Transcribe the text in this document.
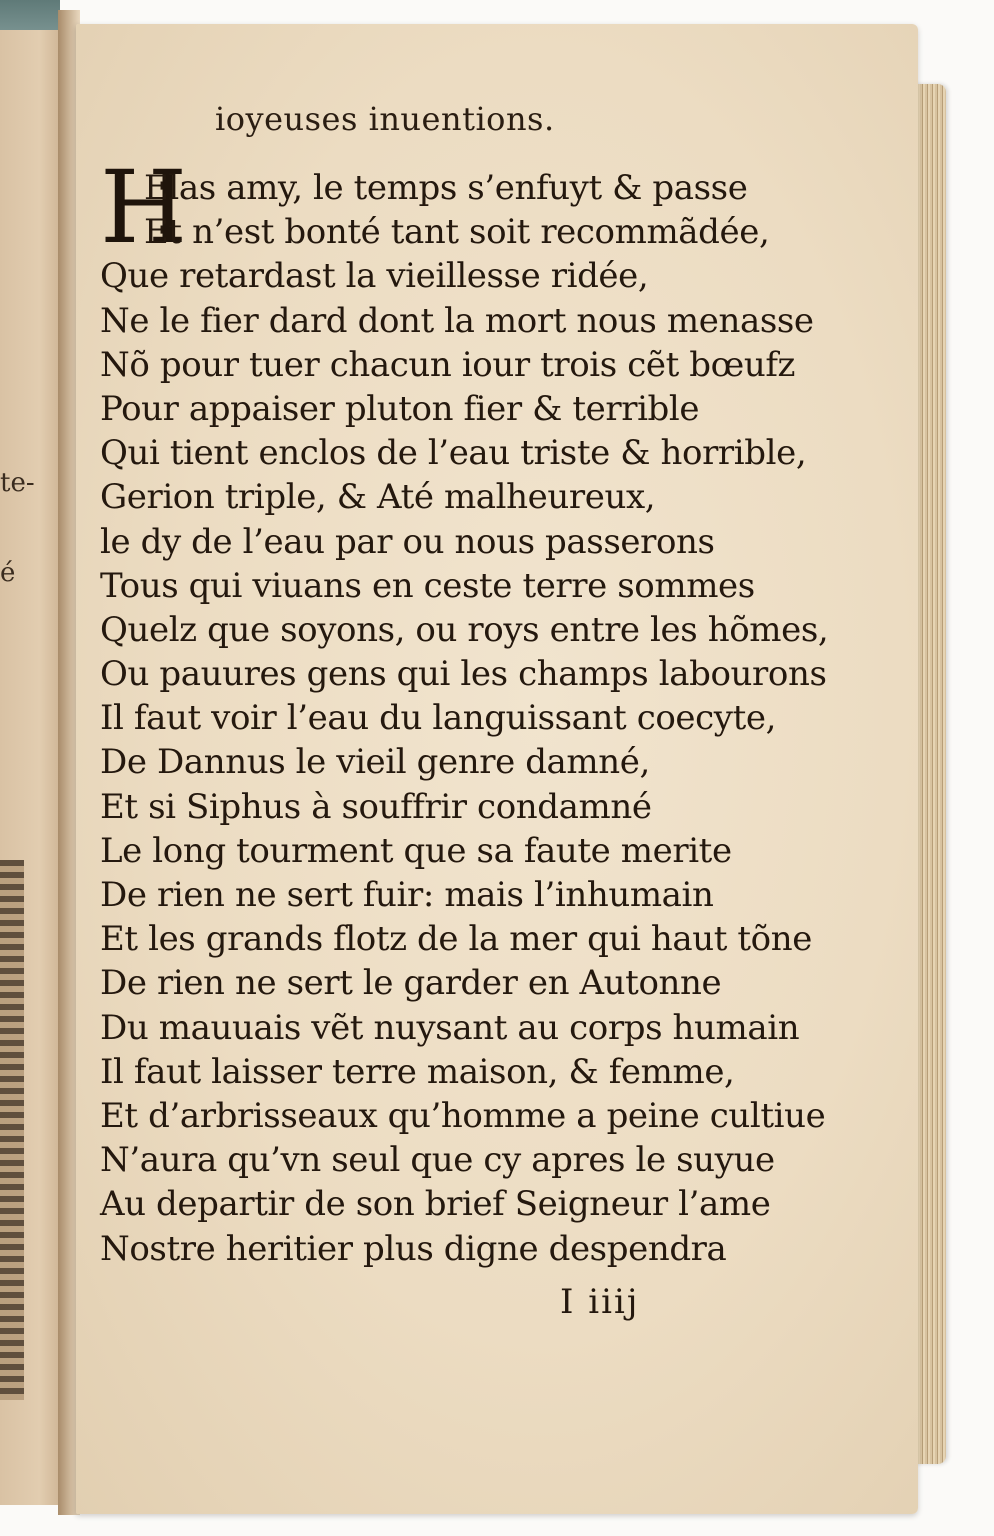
te-
é
ioyeuses inuentions.
H
Elas amy, le temps s’enfuyt & passe
Et n’est bonté tant soit recommãdée,
Que retardast la vieillesse ridée,
Ne le fier dard dont la mort nous menasse
Nõ pour tuer chacun iour trois cẽt bœufz
Pour appaiser pluton fier & terrible
Qui tient enclos de l’eau triste & horrible,
Gerion triple, & Até malheureux,
le dy de l’eau par ou nous passerons
Tous qui viuans en ceste terre sommes
Quelz que soyons, ou roys entre les hõmes,
Ou pauures gens qui les champs labourons
Il faut voir l’eau du languissant coecyte,
De Dannus le vieil genre damné,
Et si Siphus à souffrir condamné
Le long tourment que sa faute merite
De rien ne sert fuir: mais l’inhumain
Et les grands flotz de la mer qui haut tõne
De rien ne sert le garder en Autonne
Du mauuais vẽt nuysant au corps humain
Il faut laisser terre maison, & femme,
Et d’arbrisseaux qu’homme a peine cultiue
N’aura qu’vn seul que cy apres le suyue
Au departir de son brief Seigneur l’ame
Nostre heritier plus digne despendra
I iiij
